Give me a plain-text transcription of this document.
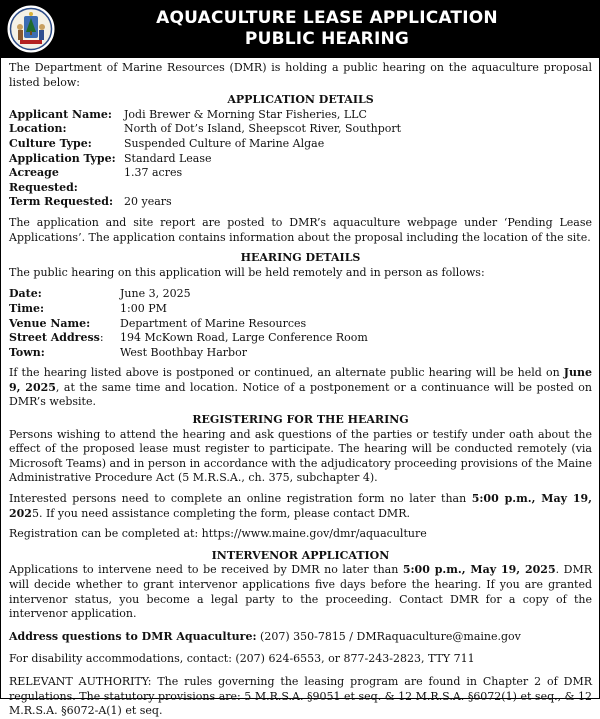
AQUACULTURE LEASE APPLICATION
PUBLIC HEARING

The Department of Marine Resources (DMR) is holding a public hearing on the aquaculture proposal listed below:

APPLICATION DETAILS
Applicant Name:	Jodi Brewer & Morning Star Fisheries, LLC
Location:	North of Dot’s Island, Sheepscot River, Southport
Culture Type:	Suspended Culture of Marine Algae
Application Type: Standard Lease
Acreage Requested:
1.37 acres
Term Requested: 20 years

The application and site report are posted to DMR’s aquaculture webpage under ‘Pending Lease Applications’. The application contains information about the proposal including the location of the site.

HEARING DETAILS

The public hearing on this application will be held remotely and in person as follows:

Date:	June 3, 2025
Time:	1:00 PM
Venue Name:	Department of Marine Resources
Street Address:	194 McKown Road, Large Conference Room
Town:	West Boothbay Harbor

If the hearing listed above is postponed or continued, an alternate public hearing will be held on June 9, 2025, at the same time and location. Notice of a postponement or a continuance will be posted on DMR’s website.

REGISTERING FOR THE HEARING

Persons wishing to attend the hearing and ask questions of the parties or testify under oath about the effect of the proposed lease must register to participate. The hearing will be conducted remotely (via Microsoft Teams) and in person in accordance with the adjudicatory proceeding provisions of the Maine Administrative Procedure Act (5 M.R.S.A., ch. 375, subchapter 4).

Interested persons need to complete an online registration form no later than 5:00 p.m., May 19, 2025. If you need assistance completing the form, please contact DMR.

Registration can be completed at: https://www.maine.gov/dmr/aquaculture

INTERVENOR APPLICATION

Applications to intervene need to be received by DMR no later than 5:00 p.m., May 19, 2025. DMR will decide whether to grant intervenor applications five days before the hearing. If you are granted intervenor status, you become a legal party to the proceeding. Contact DMR for a copy of the intervenor application.

Address questions to DMR Aquaculture: (207) 350-7815 / DMRaquaculture@maine.gov

For disability accommodations, contact: (207) 624-6553, or 877-243-2823, TTY 711

RELEVANT AUTHORITY: The rules governing the leasing program are found in Chapter 2 of DMR regulations. The statutory provisions are: 5 M.R.S.A. §9051 et seq. & 12 M.R.S.A. §6072(1) et seq., & 12 M.R.S.A. §6072-A(1) et seq.
